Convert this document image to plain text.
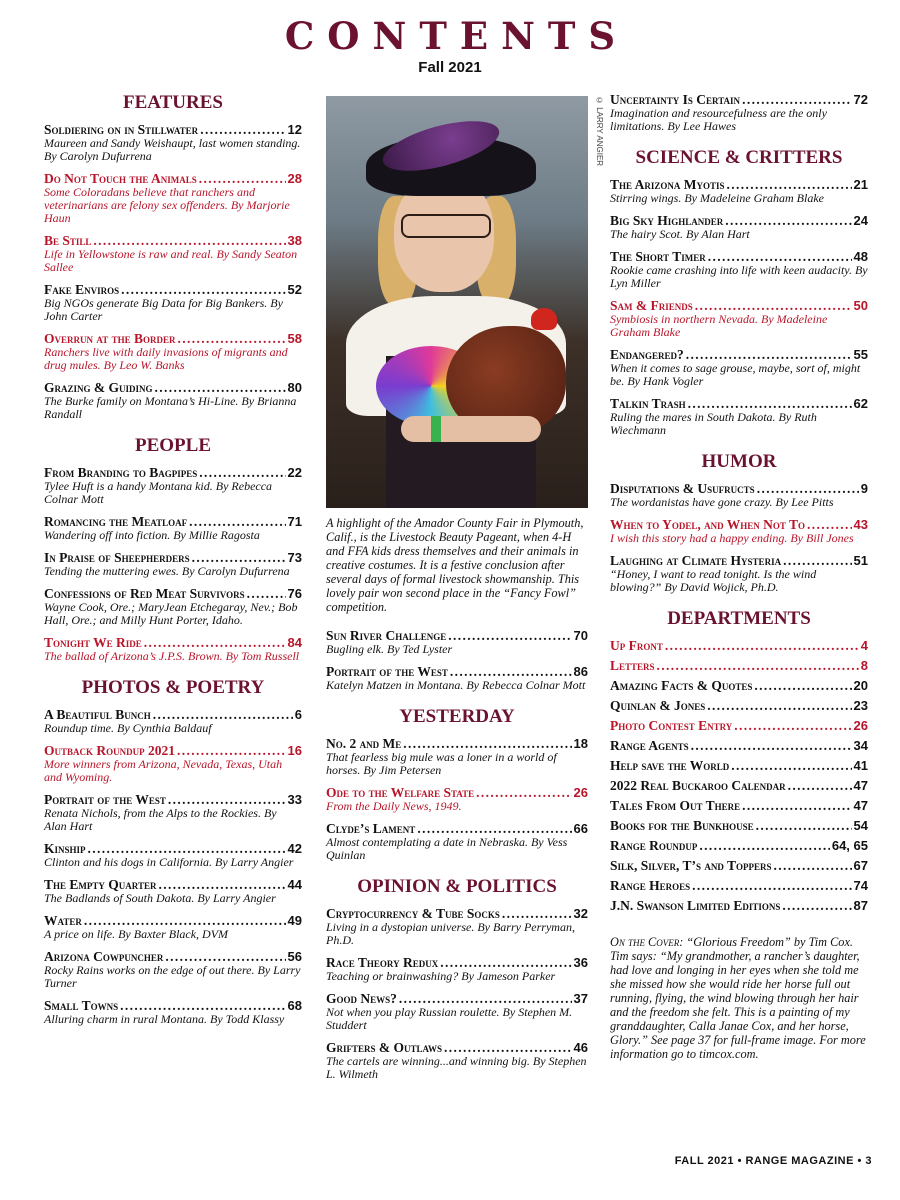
CONTENTS
Fall 2021
FEATURES
Soldiering on in Stillwater . . .	12
Maureen and Sandy Weishaupt, last women standing. By Carolyn Dufurrena
Do Not Touch the Animals . . .	28
Some Coloradans believe that ranchers and veterinarians are felony sex offenders. By Marjorie Haun
Be Still . . .	38
Life in Yellowstone is raw and real. By Sandy Seaton Sallee
Fake Enviros . . .	52
Big NGOs generate Big Data for Big Bankers. By John Carter
Overrun at the Border . . .	58
Ranchers live with daily invasions of migrants and drug mules. By Leo W. Banks
Grazing & Guiding . . .	80
The Burke family on Montana’s Hi-Line. By Brianna Randall
PEOPLE
From Branding to Bagpipes . . .	22
Tylee Huft is a handy Montana kid. By Rebecca Colnar Mott
Romancing the Meatloaf . . .	71
Wandering off into fiction. By Millie Ragosta
In Praise of Sheepherders . . .	73
Tending the muttering ewes. By Carolyn Dufurrena
Confessions of Red Meat Survivors . . .	76
Wayne Cook, Ore.; MaryJean Etchegaray, Nev.; Bob Hall, Ore.; and Milly Hunt Porter, Idaho.
Tonight We Ride . . .	84
The ballad of Arizona’s J.P.S. Brown. By Tom Russell
PHOTOS & POETRY
A Beautiful Bunch . . .	6
Roundup time. By Cynthia Baldauf
Outback Roundup 2021 . . .	16
More winners from Arizona, Nevada, Texas, Utah and Wyoming.
Portrait of the West . . .	33
Renata Nichols, from the Alps to the Rockies. By Alan Hart
Kinship . . .	42
Clinton and his dogs in California. By Larry Angier
The Empty Quarter . . .	44
The Badlands of South Dakota. By Larry Angier
Water . . .	49
A price on life. By Baxter Black, DVM
Arizona Cowpuncher . . .	56
Rocky Rains works on the edge of out there. By Larry Turner
Small Towns . . .	68
Alluring charm in rural Montana. By Todd Klassy
A highlight of the Amador County Fair in Plymouth, Calif., is the Livestock Beauty Pageant, when 4-H and FFA kids dress themselves and their animals in creative costumes. It is a festive conclusion after several days of formal livestock showmanship. This lovely pair won second place in the “Fancy Fowl” competition.
Sun River Challenge . . .	70
Bugling elk. By Ted Lyster
Portrait of the West . . .	86
Katelyn Matzen in Montana. By Rebecca Colnar Mott
YESTERDAY
No. 2 and Me . . .	18
That fearless big mule was a loner in a world of horses. By Jim Petersen
Ode to the Welfare State . . .	26
From the Daily News, 1949.
Clyde’s Lament . . .	66
Almost contemplating a date in Nebraska. By Vess Quinlan
OPINION & POLITICS
Cryptocurrency & Tube Socks . . .	32
Living in a dystopian universe. By Barry Perryman, Ph.D.
Race Theory Redux . . .	36
Teaching or brainwashing? By Jameson Parker
Good News? . . .	37
Not when you play Russian roulette. By Stephen M. Studdert
Grifters & Outlaws . . .	46
The cartels are winning...and winning big. By Stephen L. Wilmeth
© LARRY ANGIER Uncertainty Is Certain . . .	72
Imagination and resourcefulness are the only limitations. By Lee Hawes
SCIENCE & CRITTERS
The Arizona Myotis . . .	21
Stirring wings. By Madeleine Graham Blake
Big Sky Highlander . . .	24
The hairy Scot. By Alan Hart
The Short Timer . . .	48
Rookie came crashing into life with keen audacity. By Lyn Miller
Sam & Friends . . .	50
Symbiosis in northern Nevada. By Madeleine Graham Blake
Endangered? . . .	55
When it comes to sage grouse, maybe, sort of, might be. By Hank Vogler
Talkin Trash . . .	62
Ruling the mares in South Dakota. By Ruth Wiechmann
HUMOR
Disputations & Usufructs . . .	9
The wordanistas have gone crazy. By Lee Pitts
When to Yodel, and When Not To . . .	43
I wish this story had a happy ending. By Bill Jones
Laughing at Climate Hysteria . . .	51
“Honey, I want to read tonight. Is the wind blowing?” By David Wojick, Ph.D.
DEPARTMENTS
Up Front . . .	4
Letters . . .	8
Amazing Facts & Quotes . . .	20
Quinlan & Jones . . .	23
Photo Contest Entry . . .	26
Range Agents . . .	34
Help save the World . . .	41
2022 Real Buckaroo Calendar . . .	47
Tales From Out There . . .	47
Books for the Bunkhouse . . .	54
Range Roundup . . .	64, 65
Silk, Silver, T’s and Toppers . . .	67
Range Heroes . . .	74
J.N. Swanson Limited Editions . . .	87
On the Cover: “Glorious Freedom” by Tim Cox. Tim says: “My grandmother, a rancher’s daughter, had love and longing in her eyes when she told me she missed how she would ride her horse full out running, flying, the wind blowing through her hair and the freedom she felt. This is a painting of my granddaughter, Calla Janae Cox, and her horse, Glory.” See page 37 for full-frame image. For more information go to timcox.com.
FALL 2021 • RANGE MAGAZINE • 3
